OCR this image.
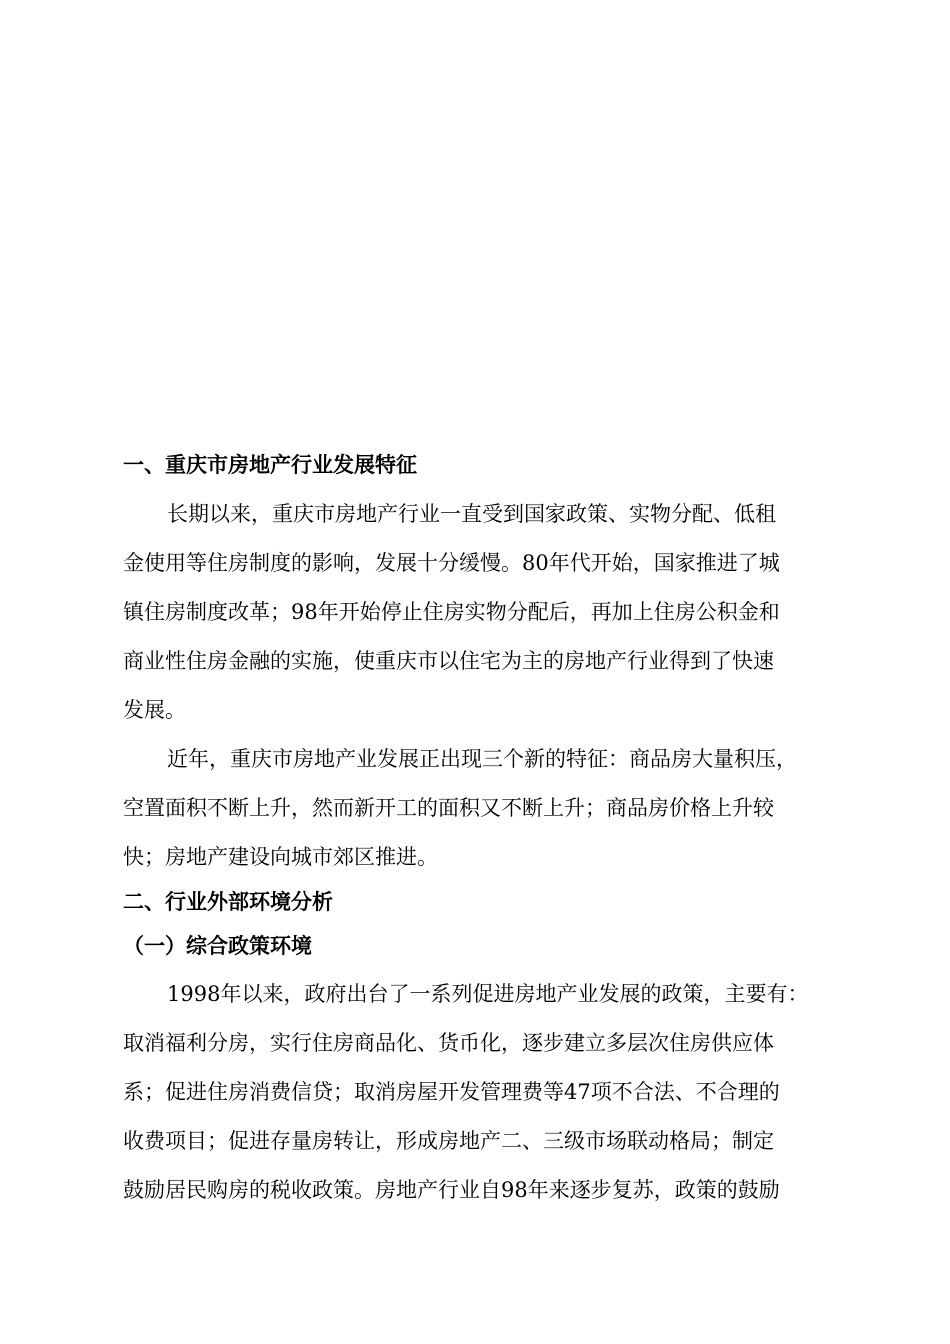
一、重庆市房地产行业发展特征

长期以来，重庆市房地产行业一直受到国家政策、实物分配、低租
金使用等住房制度的影响，发展十分缓慢。80年代开始，国家推进了城
镇住房制度改革；98年开始停止住房实物分配后，再加上住房公积金和
商业性住房金融的实施，使重庆市以住宅为主的房地产行业得到了快速
发展。

近年，重庆市房地产业发展正出现三个新的特征：商品房大量积压，
空置面积不断上升，然而新开工的面积又不断上升；商品房价格上升较
快；房地产建设向城市郊区推进。

二、行业外部环境分析
（一）综合政策环境

1998年以来，政府出台了一系列促进房地产业发展的政策，主要有：
取消福利分房，实行住房商品化、货币化，逐步建立多层次住房供应体
系；促进住房消费信贷；取消房屋开发管理费等47项不合法、不合理的
收费项目；促进存量房转让，形成房地产二、三级市场联动格局；制定
鼓励居民购房的税收政策。房地产行业自98年来逐步复苏，政策的鼓励
